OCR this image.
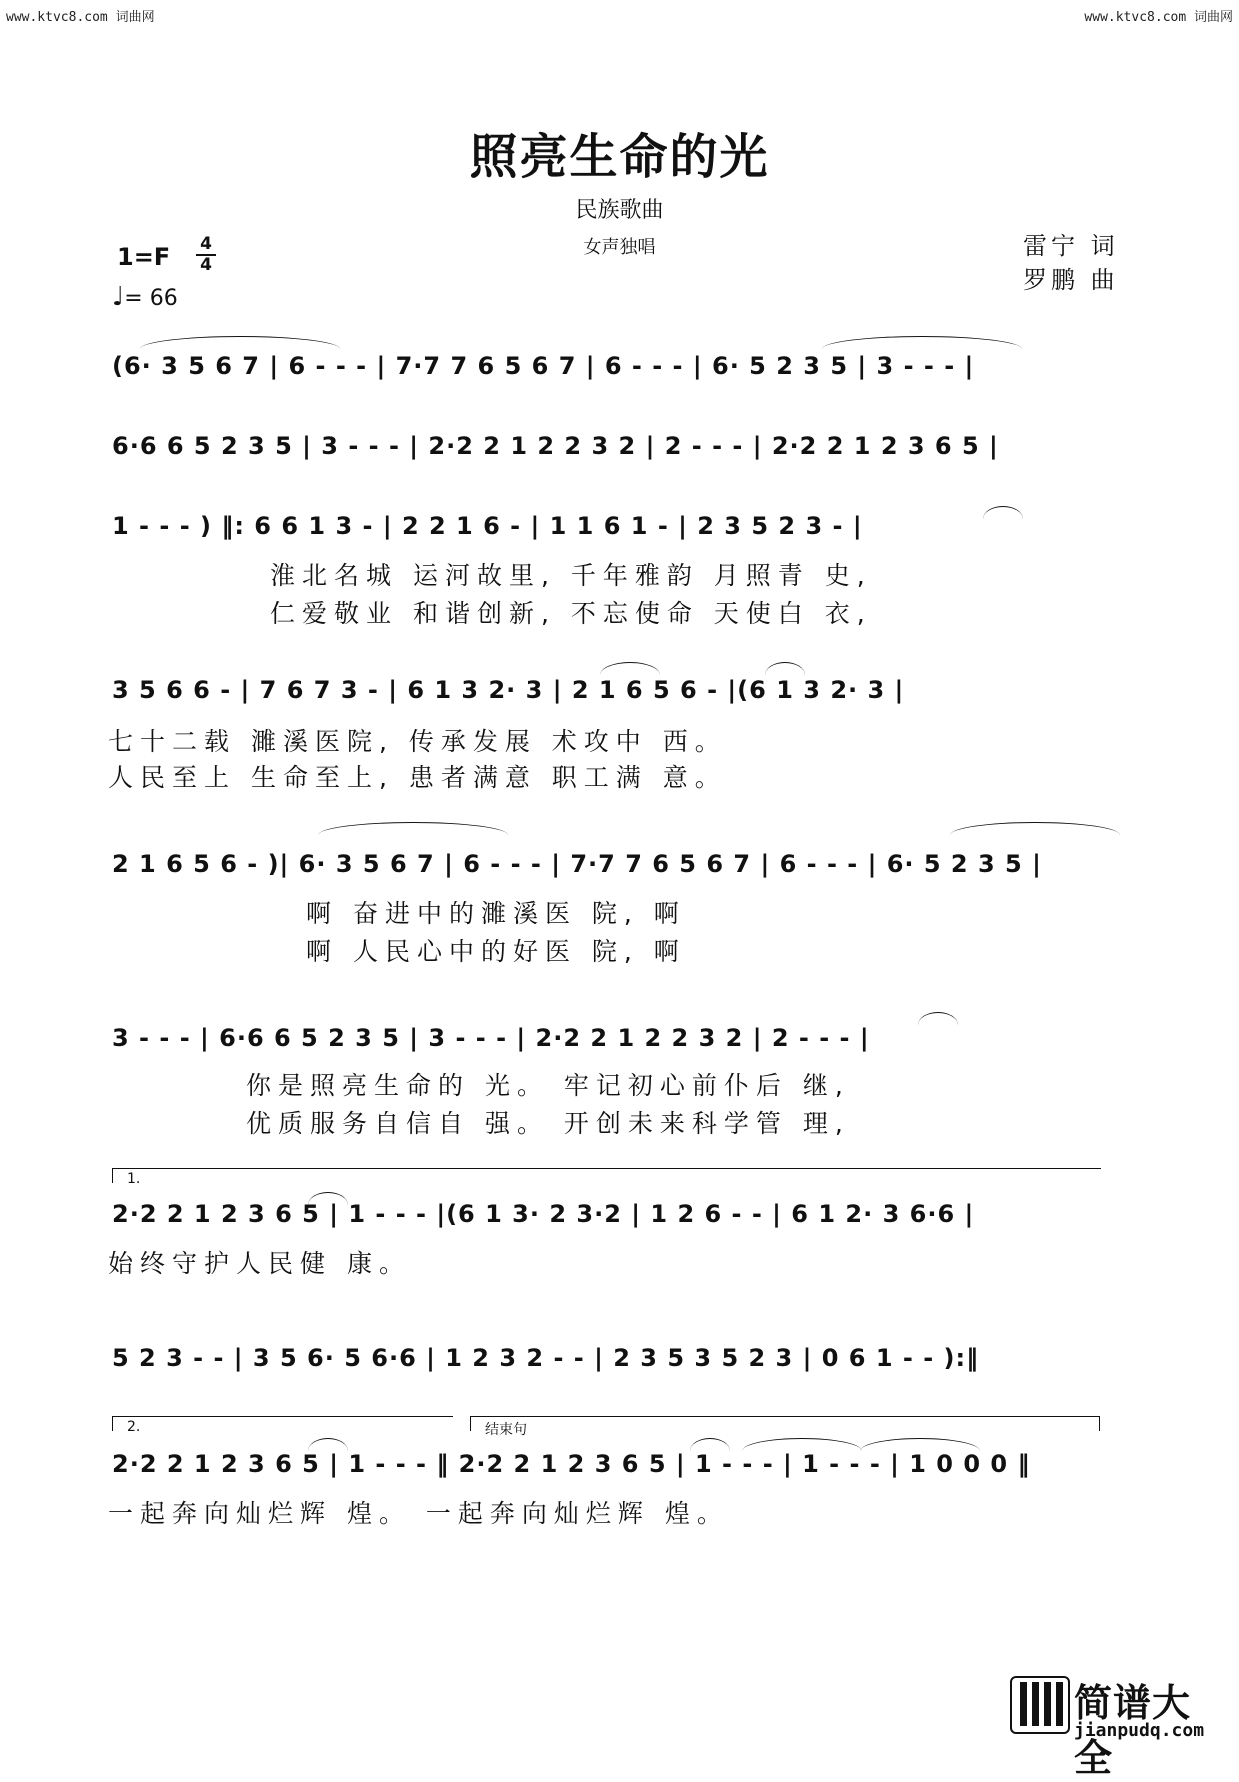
www.ktvc8.com 词曲网	www.ktvc8.com 词曲网
照亮生命的光
民族歌曲
女声独唱
1=F 4
4
♩= 66
雷宁 词
罗鹏 曲
(6· 3 5 6 7 | 6 - - - | 7·7 7 6 5 6 7 | 6 - - - | 6· 5 2 3 5 | 3 - - - |
6·6 6 5 2 3 5 | 3 - - - | 2·2 2 1 2 2 3 2 | 2 - - - | 2·2 2 1 2 3 6 5 |
1 - - - ) ‖: 6 6 1 3 - | 2 2 1 6 - | 1 1 6 1 - | 2 3 5 2 3 - |
淮北名城 运河故里, 千年雅韵 月照青 史,
仁爱敬业 和谐创新, 不忘使命 天使白 衣,
3 5 6 6 - | 7 6 7 3 - | 6 1 3 2· 3 | 2 1 6 5 6 - |(6 1 3 2· 3 |
七十二载 濉溪医院, 传承发展 术攻中 西。
人民至上 生命至上, 患者满意 职工满 意。
2 1 6 5 6 - )| 6· 3 5 6 7 | 6 - - - | 7·7 7 6 5 6 7 | 6 - - - | 6· 5 2 3 5 |
啊 奋进中的濉溪医 院, 啊
啊 人民心中的好医 院, 啊
3 - - - | 6·6 6 5 2 3 5 | 3 - - - | 2·2 2 1 2 2 3 2 | 2 - - - |
你是照亮生命的 光。 牢记初心前仆后 继,
优质服务自信自 强。 开创未来科学管 理,
1.
2·2 2 1 2 3 6 5 | 1 - - - |(6 1 3· 2 3·2 | 1 2 6 - - | 6 1 2· 3 6·6 |
始终守护人民健 康。
5 2 3 - - | 3 5 6· 5 6·6 | 1 2 3 2 - - | 2 3 5 3 5 2 3 | 0 6 1 - - ):‖
2.	结束句
2·2 2 1 2 3 6 5 | 1 - - - ‖ 2·2 2 1 2 3 6 5 | 1 - - - | 1 - - - | 1 0 0 0 ‖
一起奔向灿烂辉 煌。 一起奔向灿烂辉 煌。
简谱大全
jianpudq.com
